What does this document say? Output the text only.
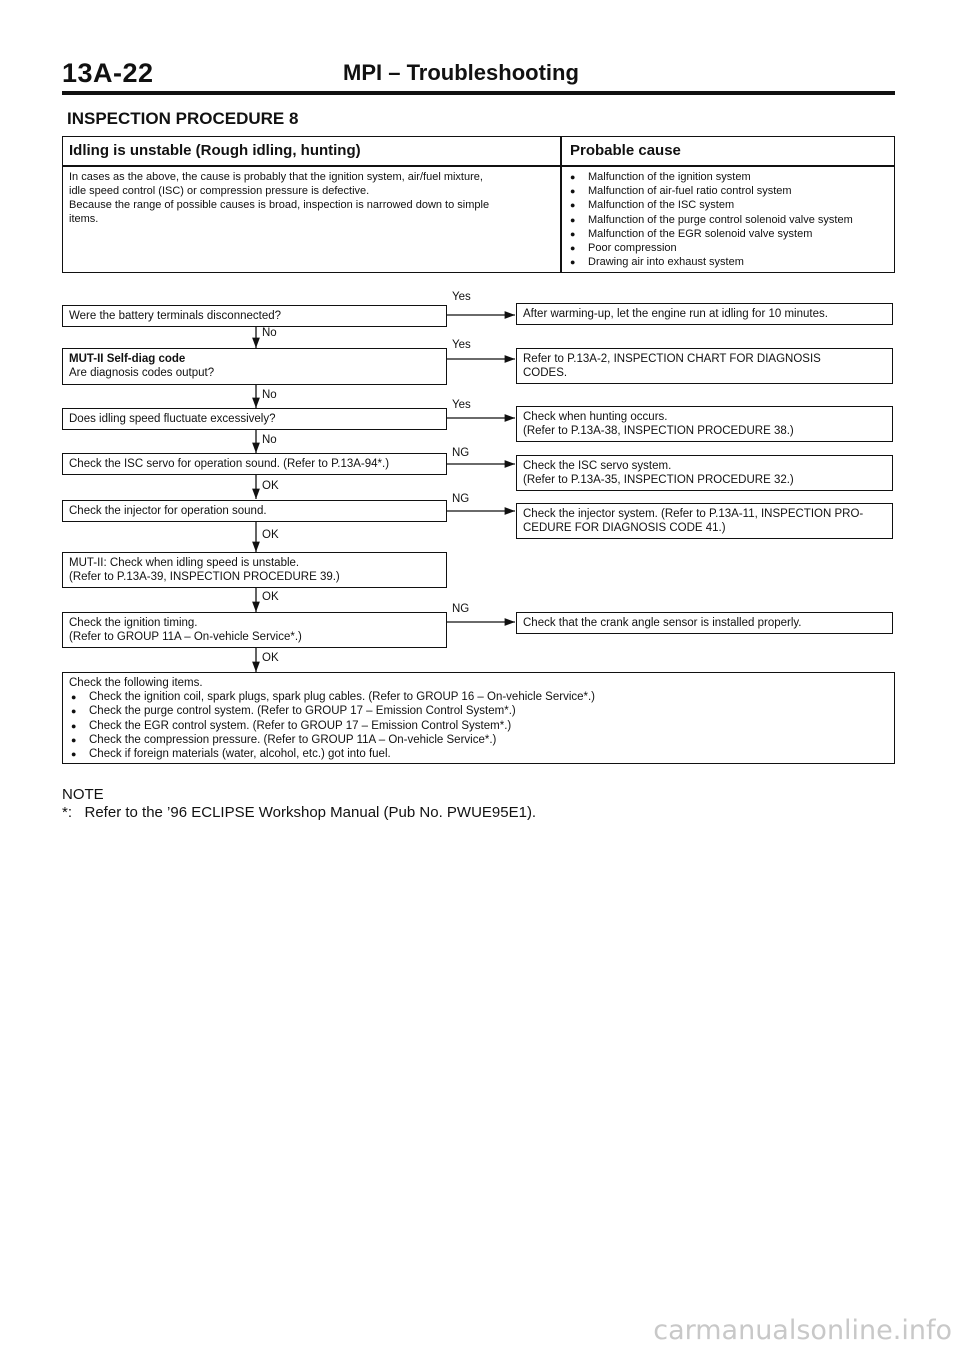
13A-22	MPI – Troubleshooting
INSPECTION PROCEDURE 8
Idling is unstable (Rough idling, hunting)	Probable cause
In cases as the above, the cause is probably that the ignition system, air/fuel mixture,
idle speed control (ISC) or compression pressure is defective.
Because the range of possible causes is broad, inspection is narrowed down to simple
items.
● Malfunction of the ignition system
● Malfunction of air-fuel ratio control system
● Malfunction of the ISC system
● Malfunction of the purge control solenoid valve system
● Malfunction of the EGR solenoid valve system
● Poor compression
● Drawing air into exhaust system
Were the battery terminals disconnected?
MUT-II Self-diag code
Are diagnosis codes output?
Does idling speed fluctuate excessively?
Check the ISC servo for operation sound. (Refer to P.13A-94*.)
Check the injector for operation sound.
MUT-II: Check when idling speed is unstable.
(Refer to P.13A-39, INSPECTION PROCEDURE 39.)
Check the ignition timing.
(Refer to GROUP 11A – On-vehicle Service*.)
After warming-up, let the engine run at idling for 10 minutes.
Refer to P.13A-2, INSPECTION CHART FOR DIAGNOSIS
CODES.
Check when hunting occurs.
(Refer to P.13A-38, INSPECTION PROCEDURE 38.)
Check the ISC servo system.
(Refer to P.13A-35, INSPECTION PROCEDURE 32.)
Check the injector system. (Refer to P.13A-11, INSPECTION PRO-
CEDURE FOR DIAGNOSIS CODE 41.)
Check that the crank angle sensor is installed properly.
Yes
Yes
Yes
NG
NG
NG
No
No
No
OK
OK
OK
OK
Check the following items.
● Check the ignition coil, spark plugs, spark plug cables. (Refer to GROUP 16 – On-vehicle Service*.)
● Check the purge control system. (Refer to GROUP 17 – Emission Control System*.)
● Check the EGR control system. (Refer to GROUP 17 – Emission Control System*.)
● Check the compression pressure. (Refer to GROUP 11A – On-vehicle Service*.)
● Check if foreign materials (water, alcohol, etc.) got into fuel.
NOTE
*:   Refer to the ’96 ECLIPSE Workshop Manual (Pub No. PWUE95E1).
carmanualsonline.info
